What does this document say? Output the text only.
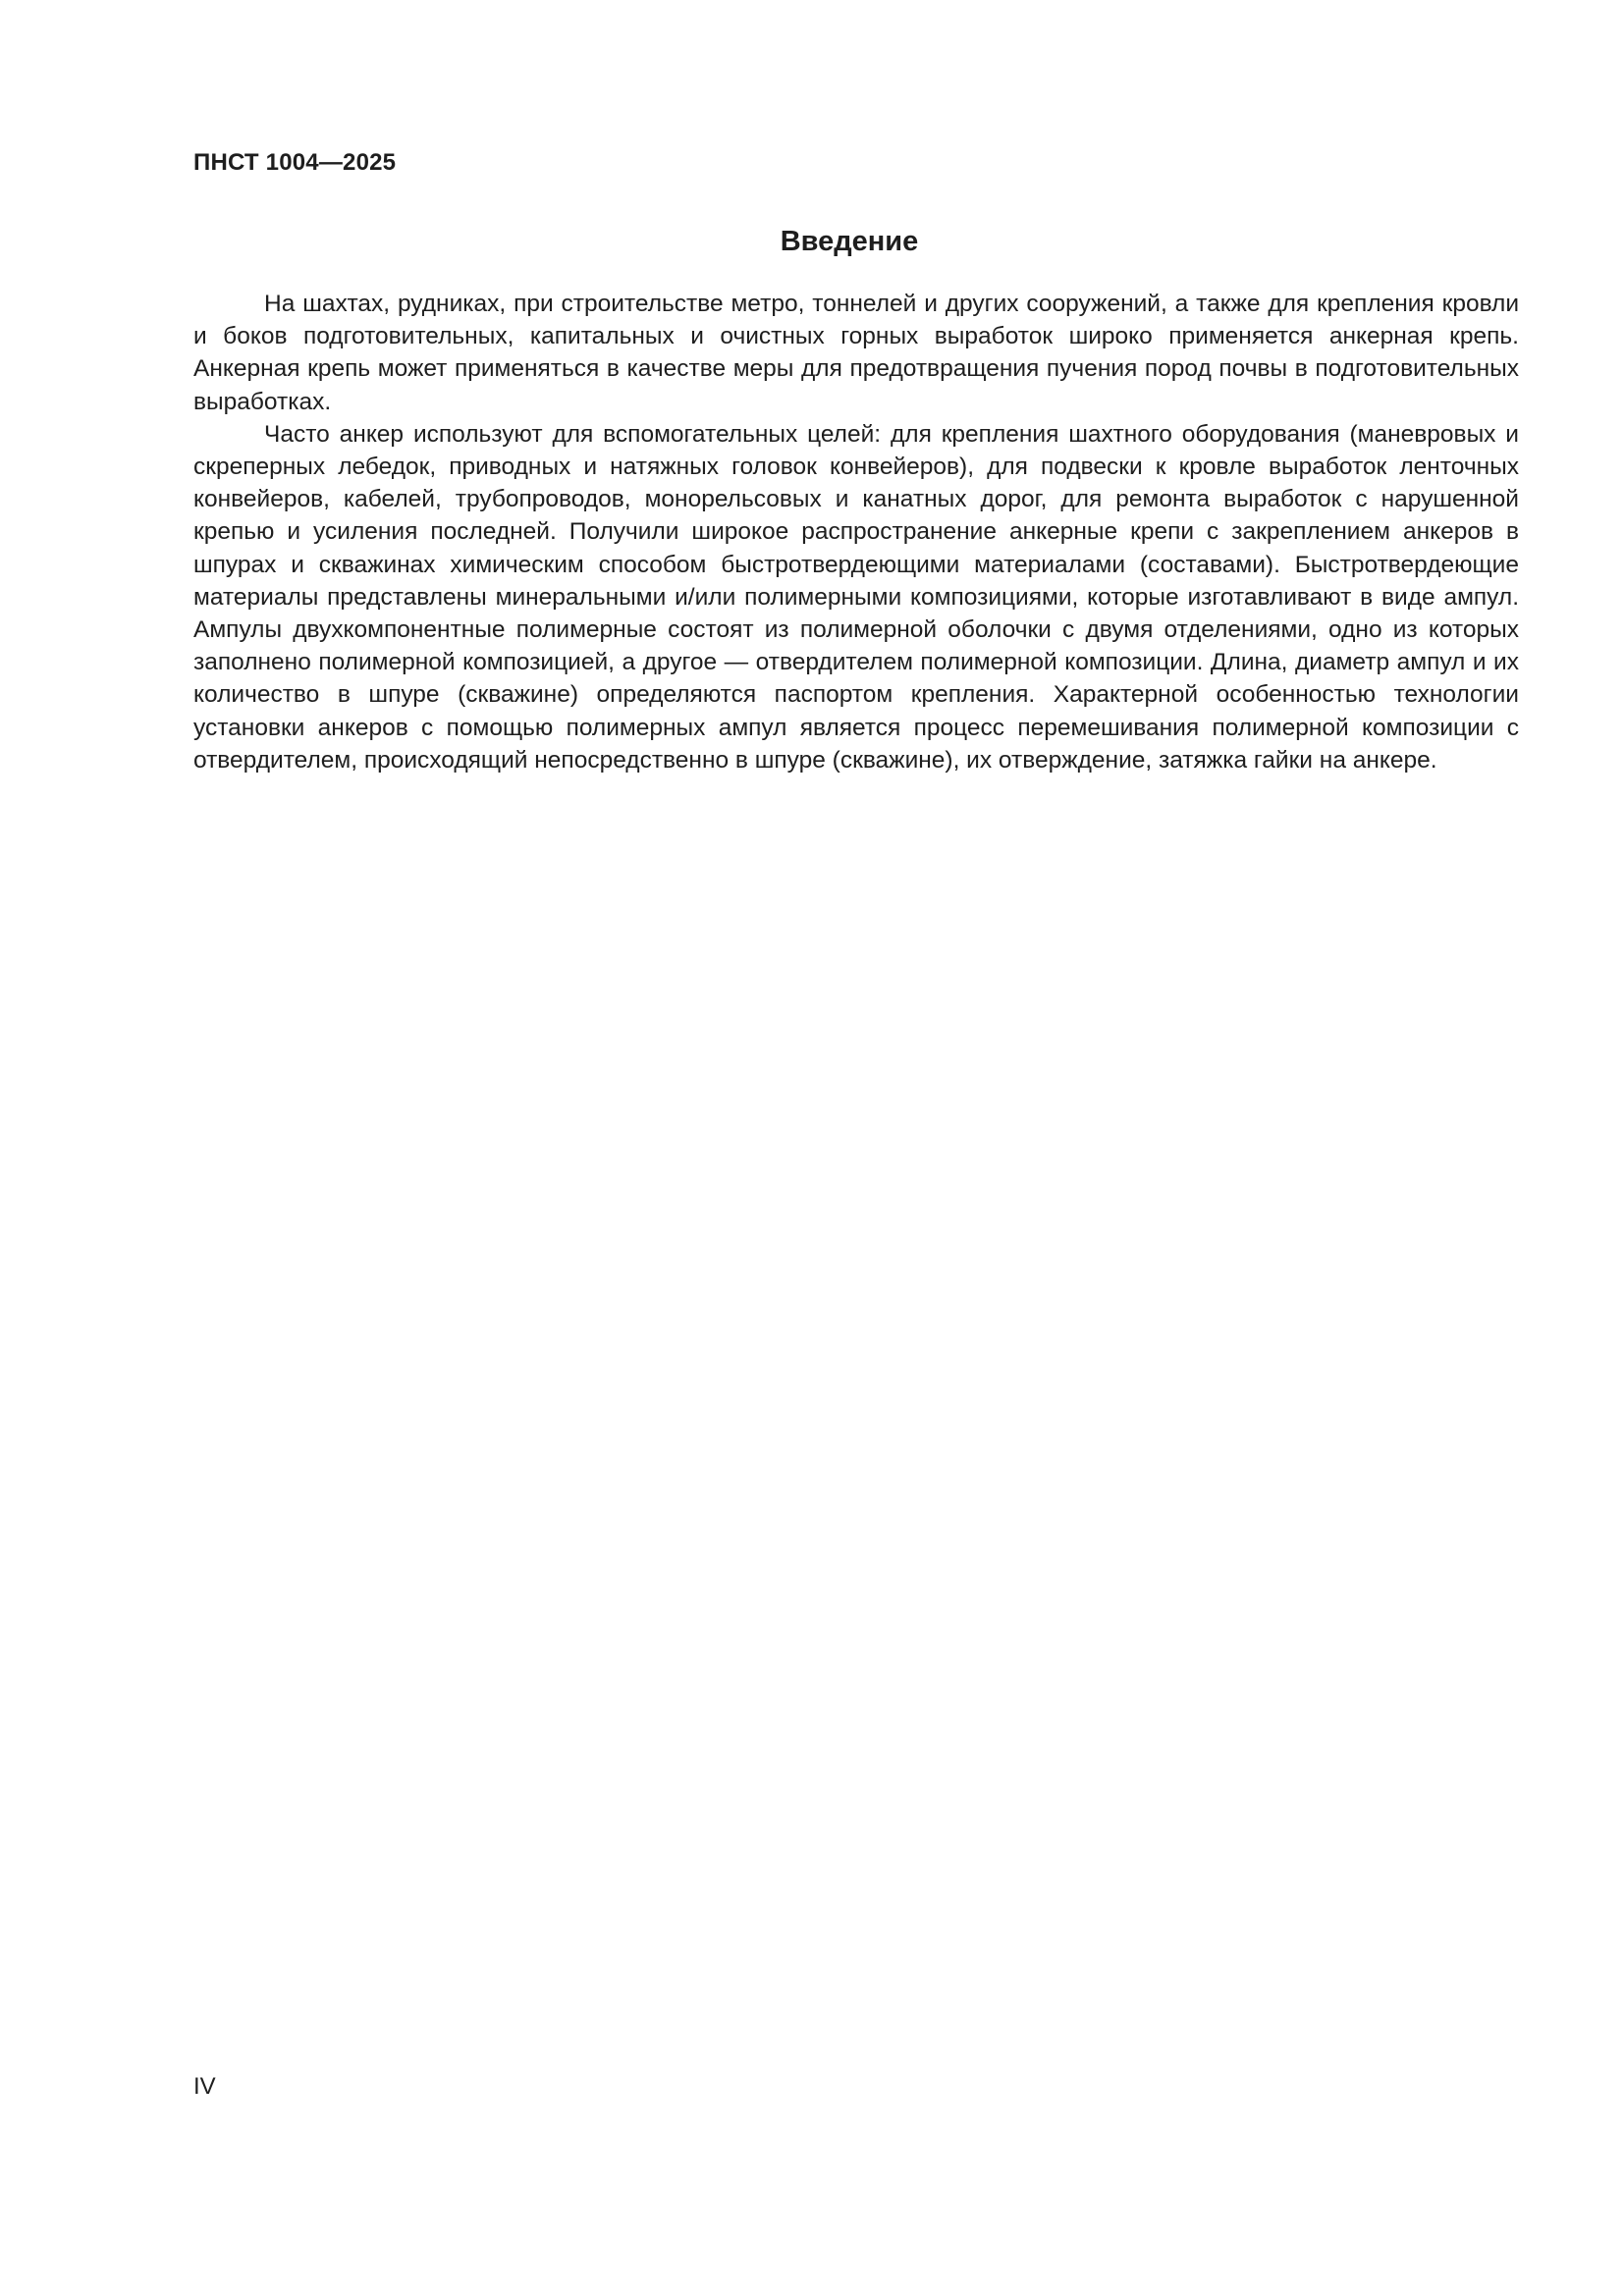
ПНСТ 1004—2025
Введение

На шахтах, рудниках, при строительстве метро, тоннелей и других сооружений, а также для крепления кровли и боков подготовительных, капитальных и очистных горных выработок широко применяется анкерная крепь. Анкерная крепь может применяться в качестве меры для предотвращения пучения пород почвы в подготовительных выработках.

Часто анкер используют для вспомогательных целей: для крепления шахтного оборудования (маневровых и скреперных лебедок, приводных и натяжных головок конвейеров), для подвески к кровле выработок ленточных конвейеров, кабелей, трубопроводов, монорельсовых и канатных дорог, для ремонта выработок с нарушенной крепью и усиления последней. Получили широкое распространение анкерные крепи с закреплением анкеров в шпурах и скважинах химическим способом быстротвердеющими материалами (составами). Быстротвердеющие материалы представлены минеральными и/или полимерными композициями, которые изготавливают в виде ампул. Ампулы двухкомпонентные полимерные состоят из полимерной оболочки с двумя отделениями, одно из которых заполнено полимерной композицией, а другое — отвердителем полимерной композиции. Длина, диаметр ампул и их количество в шпуре (скважине) определяются паспортом крепления. Характерной особенностью технологии установки анкеров с помощью полимерных ампул является процесс перемешивания полимерной композиции с отвердителем, происходящий непосредственно в шпуре (скважине), их отверждение, затяжка гайки на анкере.

IV
